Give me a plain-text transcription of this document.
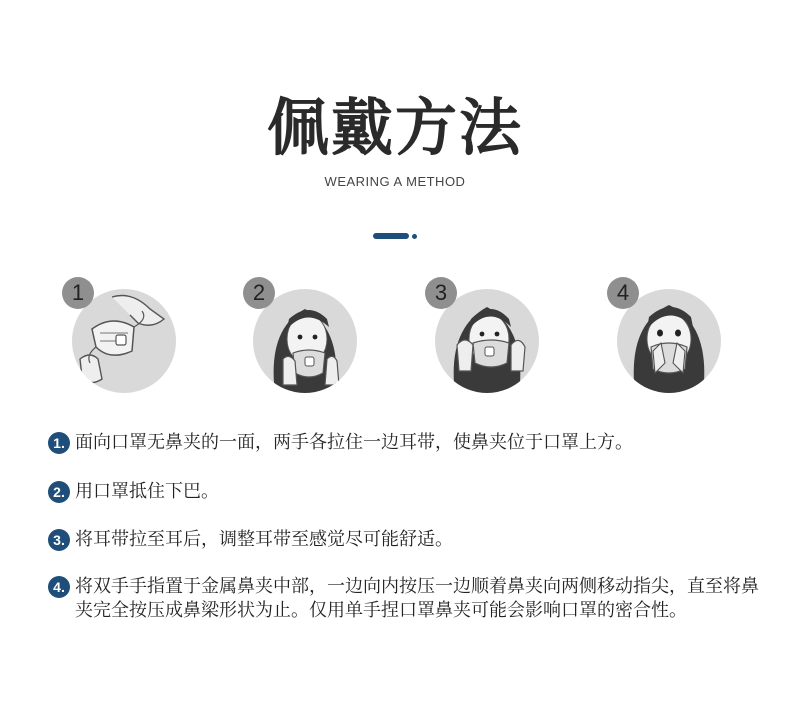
佩戴方法
WEARING A METHOD
1	2	3	4
1. 面向口罩无鼻夹的一面，两手各拉住一边耳带，使鼻夹位于口罩上方。
2. 用口罩抵住下巴。
3. 将耳带拉至耳后，调整耳带至感觉尽可能舒适。
4. 将双手手指置于金属鼻夹中部，一边向内按压一边顺着鼻夹向两侧移动指尖，直至将鼻夹完全按压成鼻梁形状为止。仅用单手捏口罩鼻夹可能会影响口罩的密合性。
